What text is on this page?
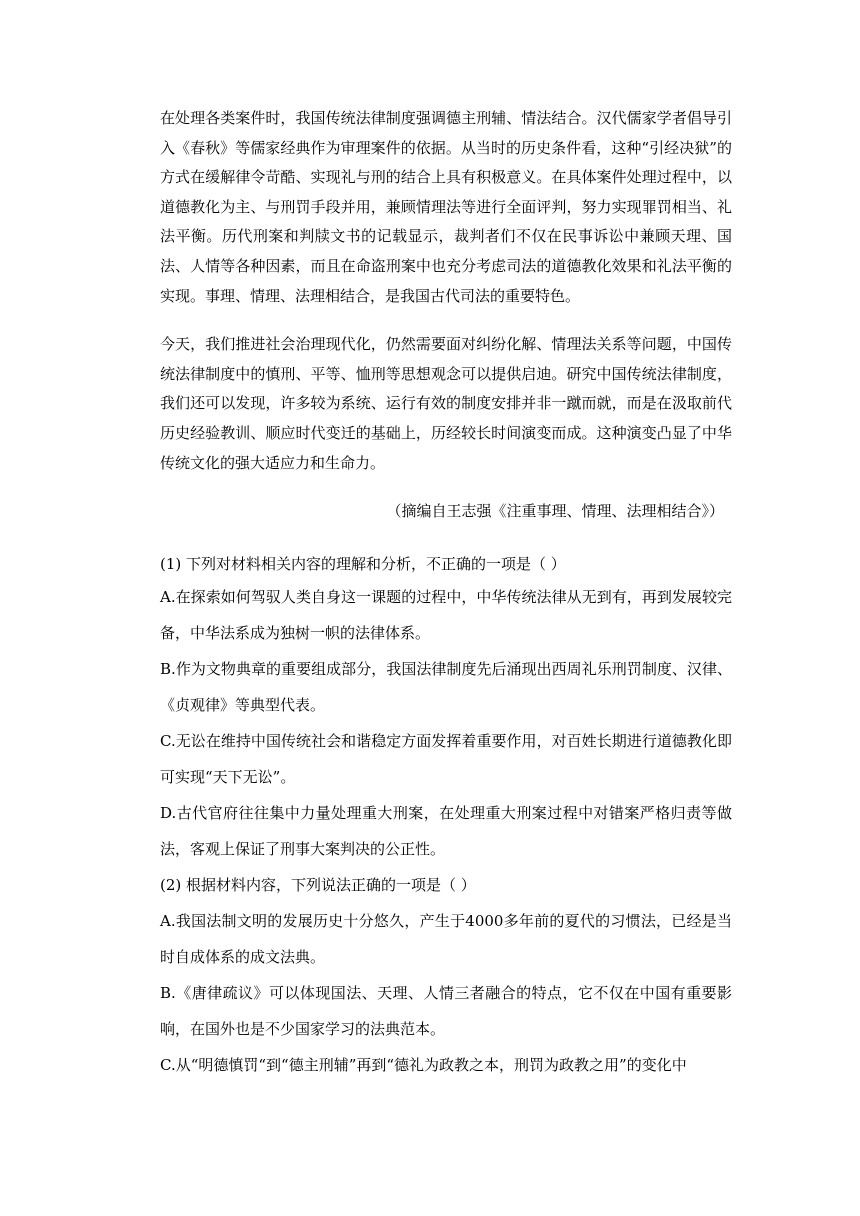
在处理各类案件时，我国传统法律制度强调德主刑辅、情法结合。汉代儒家学者倡导引入《春秋》等儒家经典作为审理案件的依据。从当时的历史条件看，这种“引经决狱”的方式在缓解律令苛酷、实现礼与刑的结合上具有积极意义。在具体案件处理过程中，以道德教化为主、与刑罚手段并用，兼顾情理法等进行全面评判，努力实现罪罚相当、礼法平衡。历代刑案和判牍文书的记载显示，裁判者们不仅在民事诉讼中兼顾天理、国法、人情等各种因素，而且在命盗刑案中也充分考虑司法的道德教化效果和礼法平衡的实现。事理、情理、法理相结合，是我国古代司法的重要特色。

今天，我们推进社会治理现代化，仍然需要面对纠纷化解、情理法关系等问题，中国传统法律制度中的慎刑、平等、恤刑等思想观念可以提供启迪。研究中国传统法律制度，我们还可以发现，许多较为系统、运行有效的制度安排并非一蹴而就，而是在汲取前代历史经验教训、顺应时代变迁的基础上，历经较长时间演变而成。这种演变凸显了中华传统文化的强大适应力和生命力。

（摘编自王志强《注重事理、情理、法理相结合》）

(1) 下列对材料相关内容的理解和分析，不正确的一项是（ ）

A.在探索如何驾驭人类自身这一课题的过程中，中华传统法律从无到有，再到发展较完备，中华法系成为独树一帜的法律体系。

B.作为文物典章的重要组成部分，我国法律制度先后涌现出西周礼乐刑罚制度、汉律、《贞观律》等典型代表。

C.无讼在维持中国传统社会和谐稳定方面发挥着重要作用，对百姓长期进行道德教化即可实现“天下无讼”。

D.古代官府往往集中力量处理重大刑案，在处理重大刑案过程中对错案严格归责等做法，客观上保证了刑事大案判决的公正性。

(2) 根据材料内容，下列说法正确的一项是（ ）

A.我国法制文明的发展历史十分悠久，产生于4000多年前的夏代的习惯法，已经是当时自成体系的成文法典。

B.《唐律疏议》可以体现国法、天理、人情三者融合的特点，它不仅在中国有重要影响，在国外也是不少国家学习的法典范本。

C.从“明德慎罚“到“德主刑辅”再到“德礼为政教之本，刑罚为政教之用”的变化中
